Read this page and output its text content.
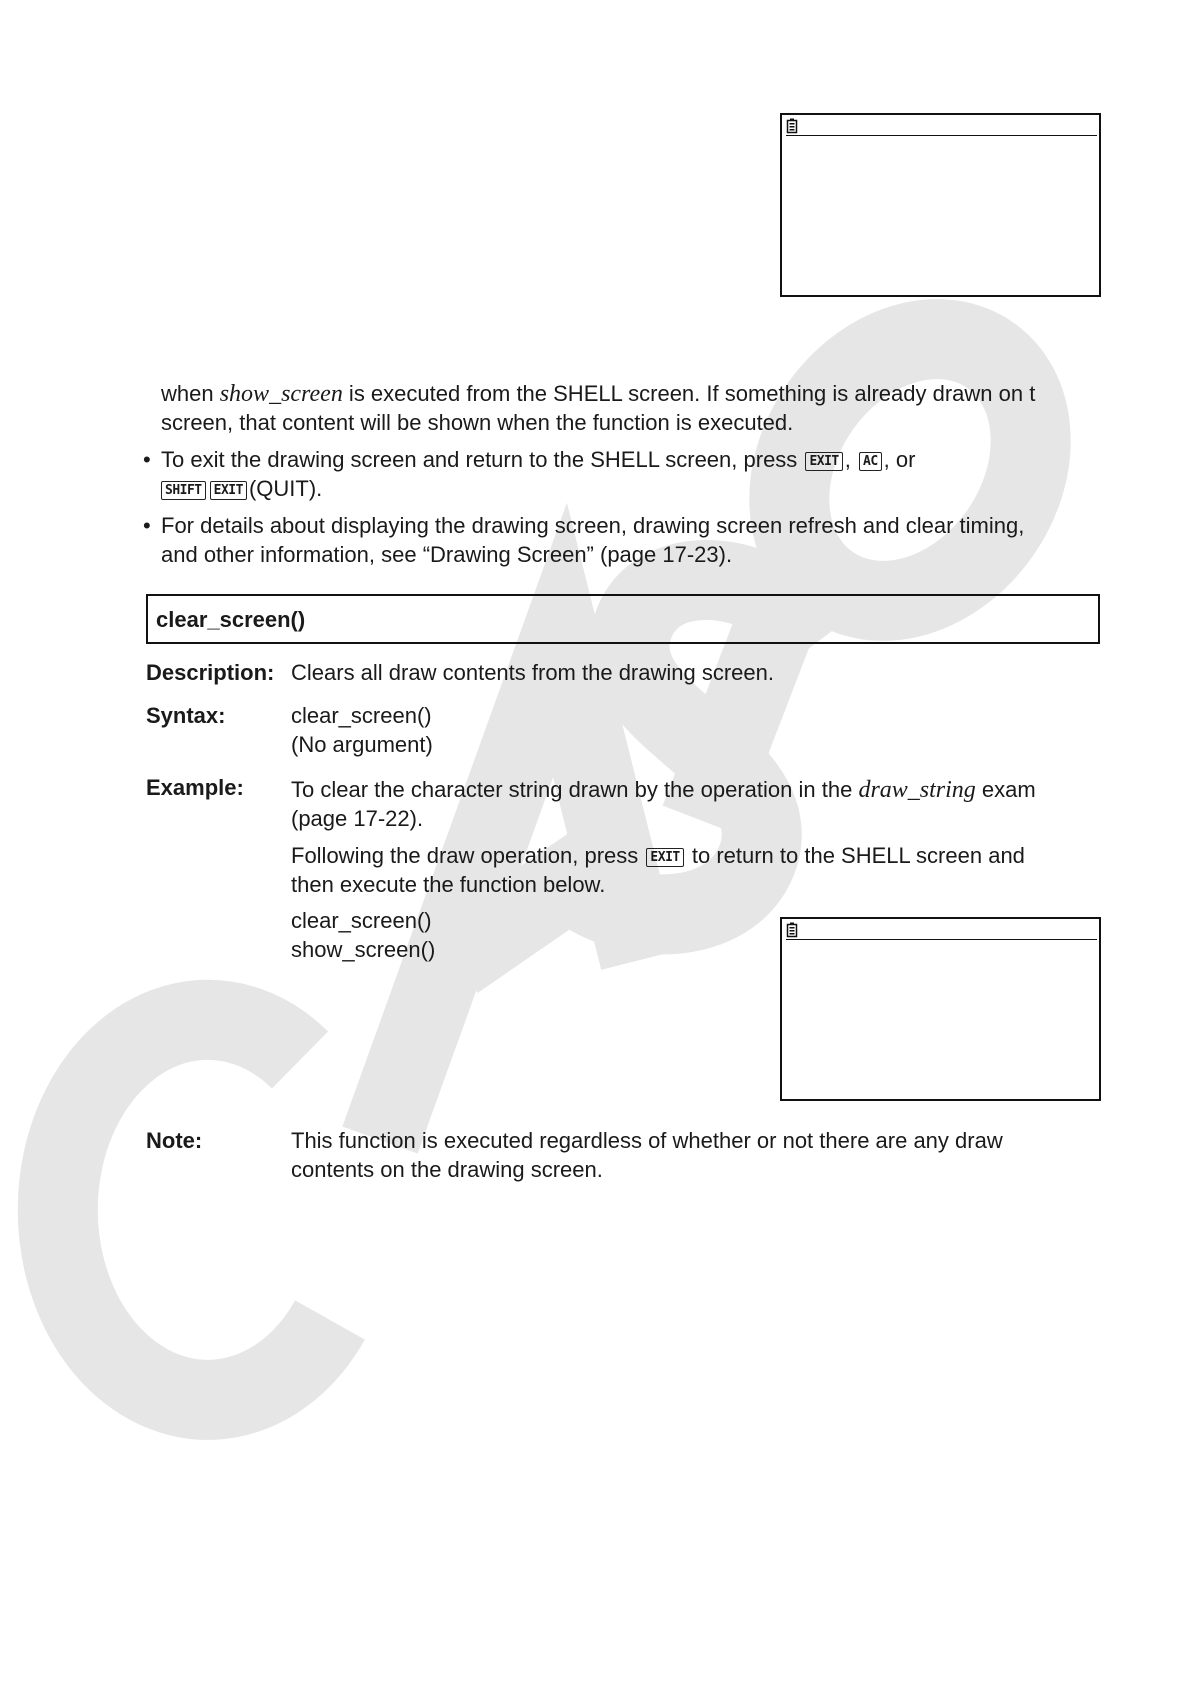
when show_screen is executed from the SHELL screen. If something is already drawn on t
screen, that content will be shown when the function is executed.
• To exit the drawing screen and return to the SHELL screen, press EXIT , AC , or
SHIFT EXIT (QUIT).
• For details about displaying the drawing screen, drawing screen refresh and clear timing,
and other information, see “Drawing Screen” (page 17-23).
clear_screen()
Description: Clears all draw contents from the drawing screen.
Syntax:	clear_screen()
(No argument)
Example: To clear the character string drawn by the operation in the draw_string exam
(page 17-22).
Following the draw operation, press EXIT to return to the SHELL screen and
then execute the function below.
clear_screen()
show_screen()
Note:	This function is executed regardless of whether or not there are any draw
contents on the drawing screen.
